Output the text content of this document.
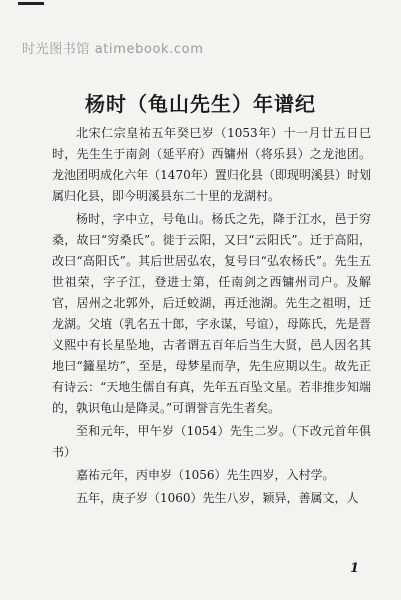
时光图书馆 atimebook.com
杨时（龟山先生）年谱纪

北宋仁宗皇祐五年癸巳岁（1053年）十一月廿五日巳时，先生生于南剑（延平府）西镛州（将乐县）之龙池团。龙池团明成化六年（1470年）置归化县（即现明溪县）时划属归化县，即今明溪县东二十里的龙湖村。

杨时，字中立，号龟山。杨氏之先，降于江水，邑于穷桑，故曰“穷桑氏”。徙于云阳，又曰“云阳氏”。迁于高阳，改曰“高阳氏”。其后世居弘农，复号曰“弘农杨氏”。先生五世祖荣，字子江，登进士第，任南剑之西镛州司户。及解官，居州之北郭外，后迁蛟湖，再迁池湖。先生之祖明，迁龙湖。父埴（乳名五十郎，字永谋，号谊），母陈氏，先是晋义熙中有长星坠地，古者谓五百年后当生大贤，邑人因名其地曰“籦星坊”，至是，母梦星而孕，先生应期以生。故先正有诗云：“天地生儒自有真，先年五百坠文星。若非推步知端的，孰识龟山是降灵。”可谓誉言先生者矣。

至和元年，甲午岁（1054）先生二岁。（下改元首年俱书）

嘉祐元年，丙申岁（1056）先生四岁，入村学。

五年，庚子岁（1060）先生八岁，颖异，善属文，人

1
